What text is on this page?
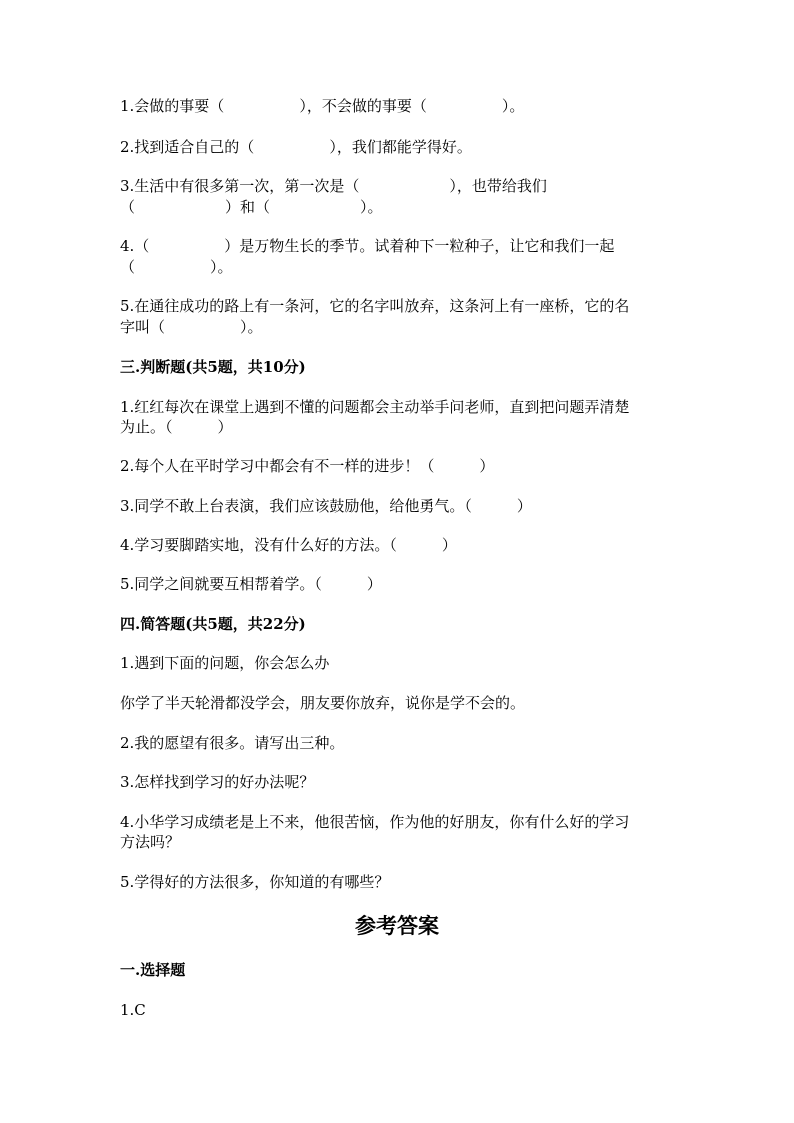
1.会做的事要（　　　　　），不会做的事要（　　　　　）。

2.找到适合自己的（　　　　　），我们都能学得好。

3.生活中有很多第一次，第一次是（　　　　　　），也带给我们

（　　　　　　）和（　　　　　　）。

4.（　　　　　）是万物生长的季节。试着种下一粒种子，让它和我们一起

（　　　　　）。

5.在通往成功的路上有一条河，它的名字叫放弃，这条河上有一座桥，它的名

字叫（　　　　　）。

三.判断题(共5题，共10分)

1.红红每次在课堂上遇到不懂的问题都会主动举手问老师，直到把问题弄清楚

为止。（　　　）

2.每个人在平时学习中都会有不一样的进步！（　　　）

3.同学不敢上台表演，我们应该鼓励他，给他勇气。（　　　）

4.学习要脚踏实地，没有什么好的方法。（　　　）

5.同学之间就要互相帮着学。（　　　）

四.简答题(共5题，共22分)

1.遇到下面的问题，你会怎么办

你学了半天轮滑都没学会，朋友要你放弃，说你是学不会的。

2.我的愿望有很多。请写出三种。

3.怎样找到学习的好办法呢？

4.小华学习成绩老是上不来，他很苦恼，作为他的好朋友，你有什么好的学习

方法吗？

5.学得好的方法很多，你知道的有哪些？

参考答案

一.选择题

1.C
